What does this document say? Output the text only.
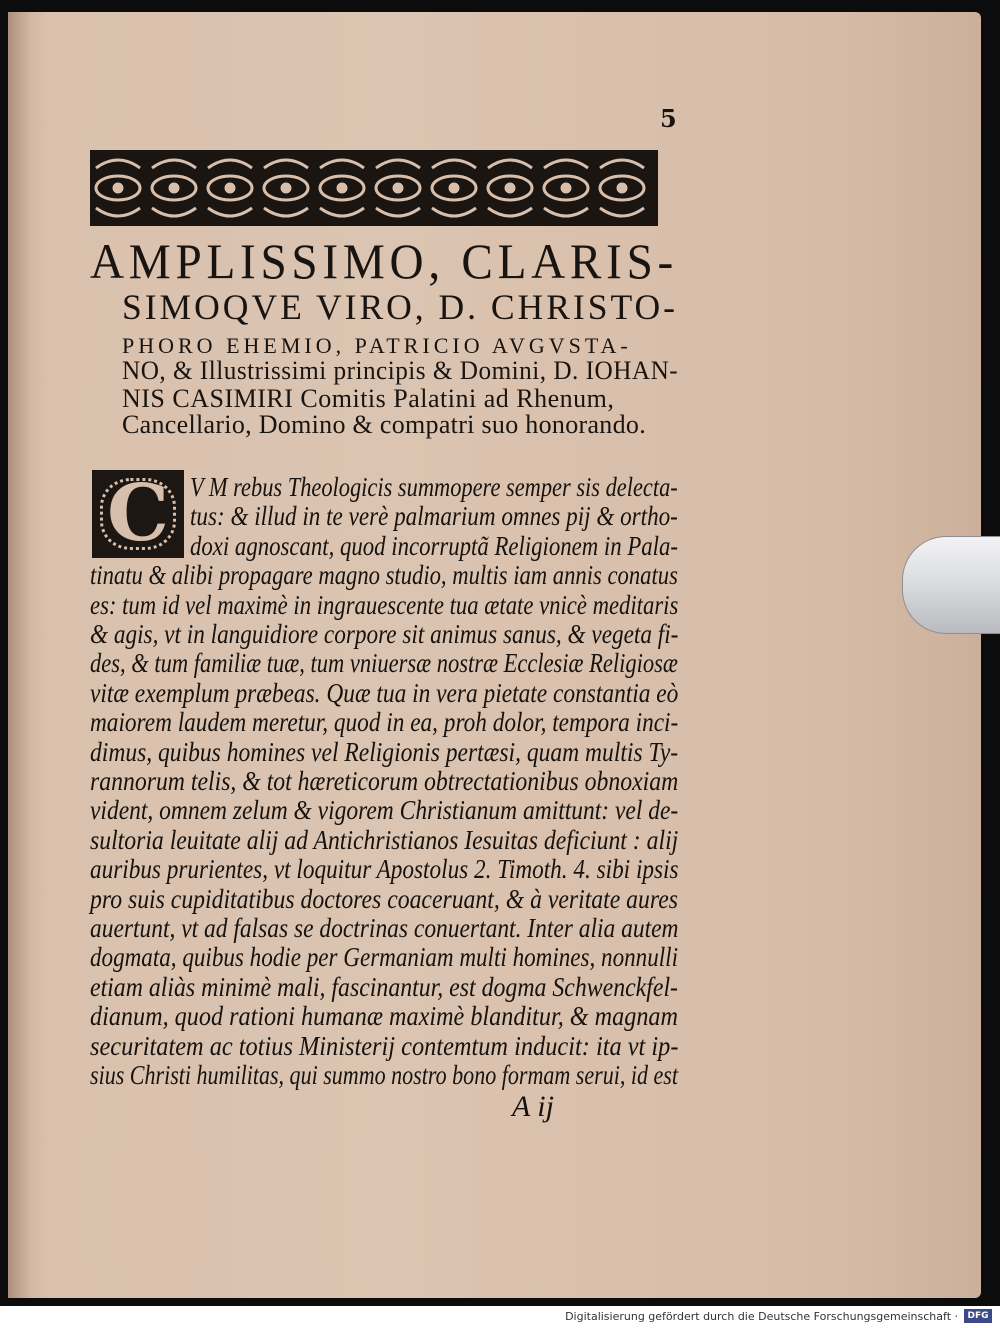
5
AMPLISSIMO, CLARIS-
SIMOQVE VIRO, D. CHRISTO-
PHORO EHEMIO, PATRICIO AVGVSTA-
NO, & Illustrissimi principis & Domini, D. IOHAN-
NIS CASIMIRI Comitis Palatini ad Rhenum,
Cancellario, Domino & compatri suo honorando.
C V M rebus Theologicis summopere semper sis delecta-
tus: & illud in te verè palmarium omnes pij & ortho-
doxi agnoscant, quod incorruptã Religionem in Pala-
tinatu & alibi propagare magno studio, multis iam annis conatus
es: tum id vel maximè in ingrauescente tua ætate vnicè meditaris
& agis, vt in languidiore corpore sit animus sanus, & vegeta fi-
des, & tum familiæ tuæ, tum vniuersæ nostræ Ecclesiæ Religiosæ
vitæ exemplum præbeas. Quæ tua in vera pietate constantia eò
maiorem laudem meretur, quod in ea, proh dolor, tempora inci-
dimus, quibus homines vel Religionis pertæsi, quam multis Ty-
rannorum telis, & tot hæreticorum obtrectationibus obnoxiam
vident, omnem zelum & vigorem Christianum amittunt: vel de-
sultoria leuitate alij ad Antichristianos Iesuitas deficiunt : alij
auribus prurientes, vt loquitur Apostolus 2. Timoth. 4. sibi ipsis
pro suis cupiditatibus doctores coaceruant, & à veritate aures
auertunt, vt ad falsas se doctrinas conuertant. Inter alia autem
dogmata, quibus hodie per Germaniam multi homines, nonnulli
etiam aliàs minimè mali, fascinantur, est dogma Schwenckfel-
dianum, quod rationi humanæ maximè blanditur, & magnam
securitatem ac totius Ministerij contemtum inducit: ita vt ip-
sius Christi humilitas, qui summo nostro bono formam serui, id est
A ij
Digitalisierung gefördert durch die Deutsche Forschungsgemeinschaft ·	DFG
